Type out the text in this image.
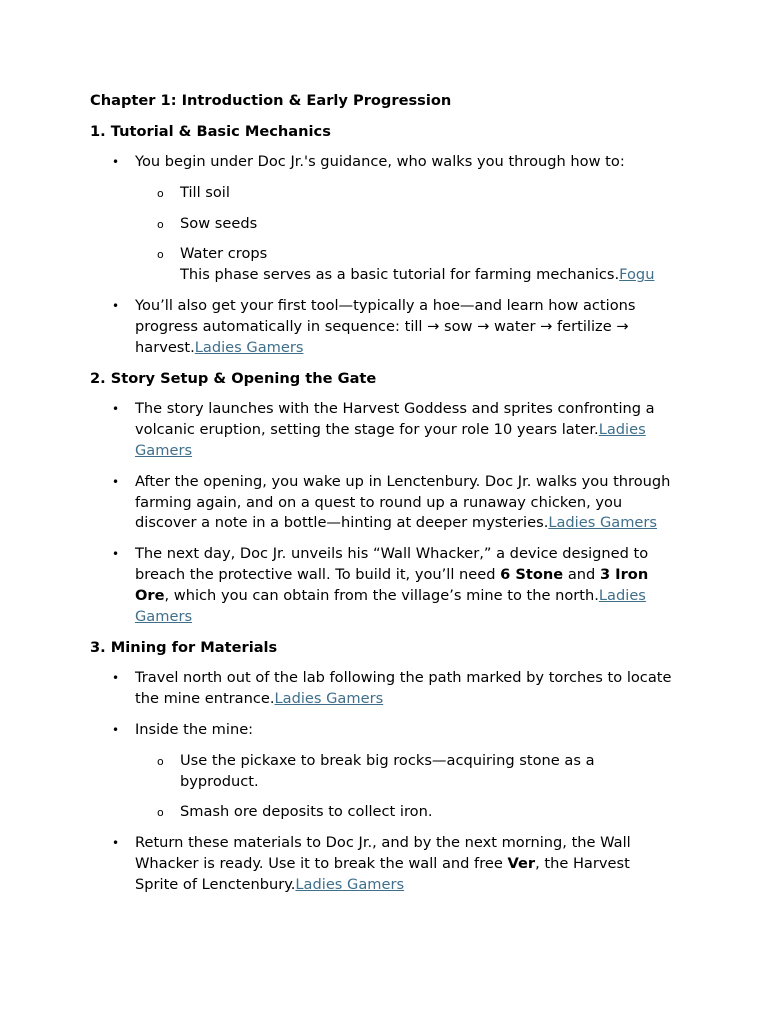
Chapter 1: Introduction & Early Progression
1. Tutorial & Basic Mechanics
• You begin under Doc Jr.'s guidance, who walks you through how to:
o Till soil
o Sow seeds
o Water crops
This phase serves as a basic tutorial for farming mechanics.Fogu
• You’ll also get your first tool—typically a hoe—and learn how actions progress automatically in sequence: till → sow → water → fertilize → harvest.Ladies Gamers
2. Story Setup & Opening the Gate
• The story launches with the Harvest Goddess and sprites confronting a volcanic eruption, setting the stage for your role 10 years later.Ladies Gamers
• After the opening, you wake up in Lenctenbury. Doc Jr. walks you through farming again, and on a quest to round up a runaway chicken, you discover a note in a bottle—hinting at deeper mysteries.Ladies Gamers
• The next day, Doc Jr. unveils his “Wall Whacker,” a device designed to breach the protective wall. To build it, you’ll need 6 Stone and 3 Iron Ore, which you can obtain from the village’s mine to the north.Ladies Gamers
3. Mining for Materials
• Travel north out of the lab following the path marked by torches to locate the mine entrance.Ladies Gamers
• Inside the mine:
o Use the pickaxe to break big rocks—acquiring stone as a byproduct.
o Smash ore deposits to collect iron.
• Return these materials to Doc Jr., and by the next morning, the Wall Whacker is ready. Use it to break the wall and free Ver, the Harvest Sprite of Lenctenbury.Ladies Gamers
